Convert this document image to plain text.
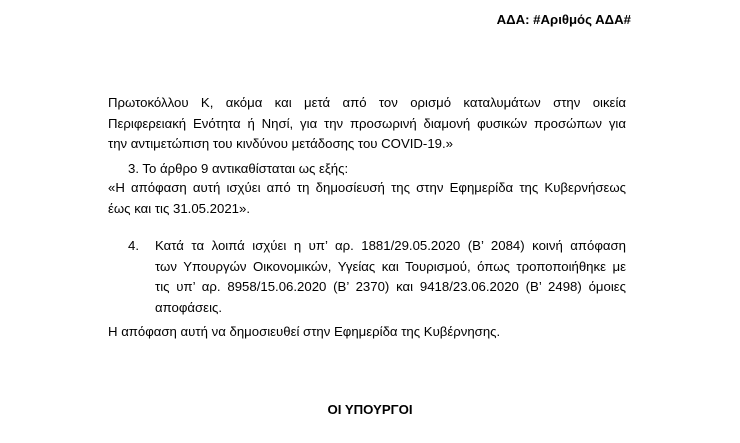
ΑΔΑ: #Αριθμός ΑΔΑ#
Πρωτοκόλλου Κ, ακόμα και μετά από τον ορισμό καταλυμάτων στην οικεία
Περιφερειακή Ενότητα ή Νησί, για την προσωρινή διαμονή φυσικών προσώπων για
την αντιμετώπιση του κινδύνου μετάδοσης του COVID-19.»
3. Το άρθρο 9 αντικαθίσταται ως εξής:
«Η απόφαση αυτή ισχύει από τη δημοσίευσή της στην Εφημερίδα της Κυβερνήσεως
έως και τις 31.05.2021».
4. Κατά τα λοιπά ισχύει η υπ’ αρ. 1881/29.05.2020 (Β’ 2084) κοινή απόφαση
των Υπουργών Οικονομικών, Υγείας και Τουρισμού, όπως τροποποιήθηκε με
τις υπ’ αρ. 8958/15.06.2020 (Β’ 2370) και 9418/23.06.2020 (Β’ 2498) όμοιες
αποφάσεις.
Η απόφαση αυτή να δημοσιευθεί στην Εφημερίδα της Κυβέρνησης.
ΟΙ ΥΠΟΥΡΓΟΙ
